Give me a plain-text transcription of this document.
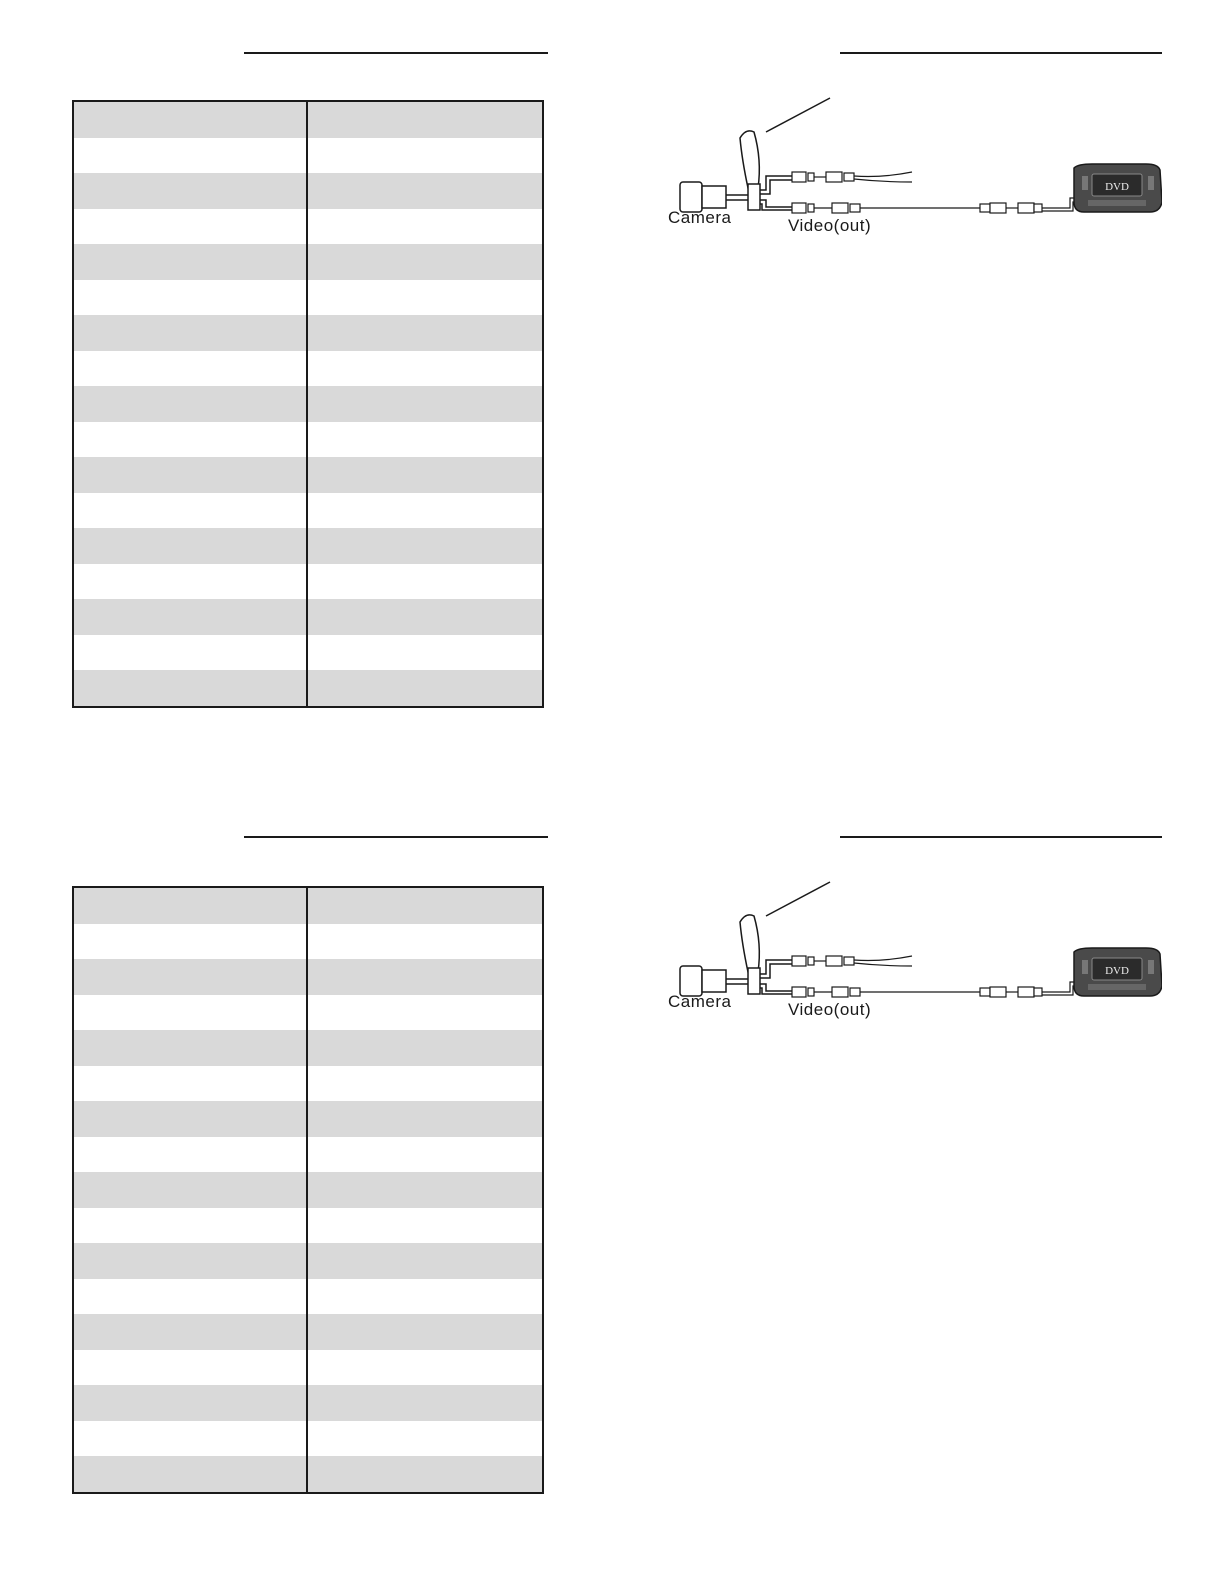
DVD
Camera	Video(out)
DVD
Camera	Video(out)
